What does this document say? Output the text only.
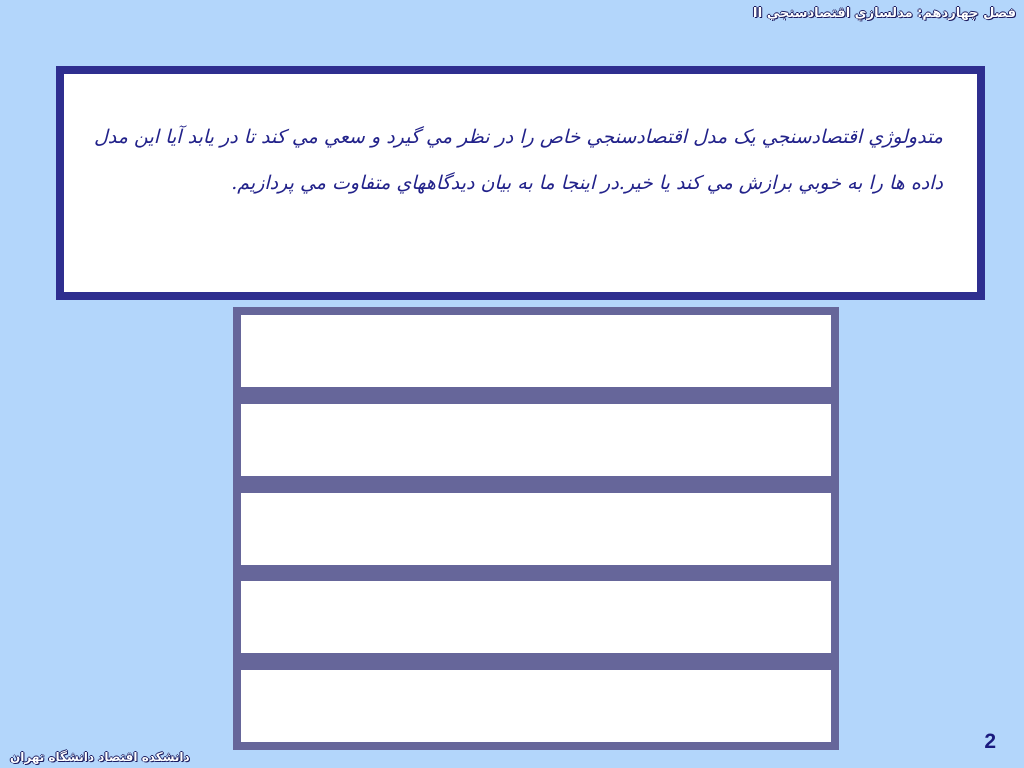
فصل چهاردهم: مدلسازي اقتصادسنجي II

متدولوژي اقتصادسنجي يک مدل اقتصادسنجي خاص را در نظر مي گيرد و سعي مي کند تا در يابد آيا اين مدل داده ها را به خوبي برازش مي کند يا خير.در اينجا ما به بيان ديدگاههاي متفاوت مي پردازيم.

2
دانشکده اقتصاد دانشگاه تهران
